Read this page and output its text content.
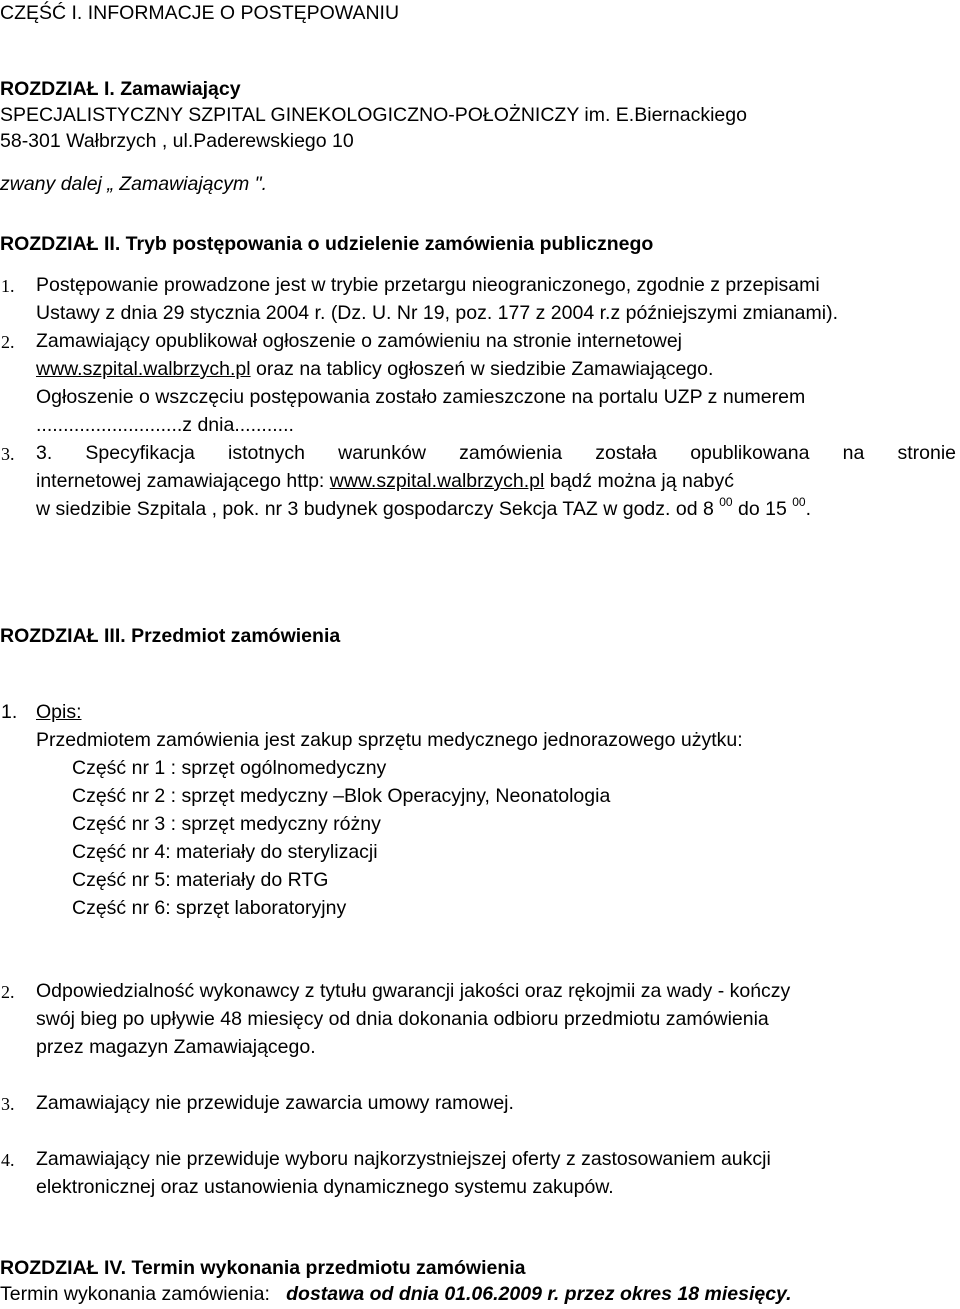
CZĘŚĆ I. INFORMACJE O POSTĘPOWANIU
ROZDZIAŁ I. Zamawiający
SPECJALISTYCZNY SZPITAL GINEKOLOGICZNO-POŁOŻNICZY im. E.Biernackiego
58-301 Wałbrzych , ul.Paderewskiego 10
zwany dalej „ Zamawiającym ".
ROZDZIAŁ II. Tryb postępowania o udzielenie zamówienia publicznego
1. Postępowanie prowadzone jest w trybie przetargu nieograniczonego, zgodnie z przepisami
Ustawy z dnia 29 stycznia 2004 r. (Dz. U. Nr 19, poz. 177 z 2004 r.z późniejszymi zmianami).
2. Zamawiający opublikował ogłoszenie o zamówieniu na stronie internetowej
www.szpital.walbrzych.pl oraz na tablicy ogłoszeń w siedzibie Zamawiającego.
Ogłoszenie o wszczęciu postępowania zostało zamieszczone na portalu UZP z numerem
...........................z dnia...........
3. 3. Specyfikacja istotnych warunków zamówienia została opublikowana na stronie
internetowej zamawiającego http: www.szpital.walbrzych.pl bądź można ją nabyć
w siedzibie Szpitala , pok. nr 3 budynek gospodarczy Sekcja TAZ w godz. od 8 $^{00}$ do 15 $^{00}$.
ROZDZIAŁ III. Przedmiot zamówienia
1. Opis:
Przedmiotem zamówienia jest zakup sprzętu medycznego jednorazowego użytku:
Część nr 1 : sprzęt ogólnomedyczny
Część nr 2 : sprzęt medyczny –Blok Operacyjny, Neonatologia
Część nr 3 : sprzęt medyczny różny
Część nr 4: materiały do sterylizacji
Część nr 5: materiały do RTG
Część nr 6: sprzęt laboratoryjny
2. Odpowiedzialność wykonawcy z tytułu gwarancji jakości oraz rękojmii za wady - kończy
swój bieg po upływie 48 miesięcy od dnia dokonania odbioru przedmiotu zamówienia
przez magazyn Zamawiającego.
3. Zamawiający nie przewiduje zawarcia umowy ramowej.
4. Zamawiający nie przewiduje wyboru najkorzystniejszej oferty z zastosowaniem aukcji
elektronicznej oraz ustanowienia dynamicznego systemu zakupów.
ROZDZIAŁ IV. Termin wykonania przedmiotu zamówienia
Termin wykonania zamówienia: dostawa od dnia 01.06.2009 r. przez okres 18 miesięcy.
